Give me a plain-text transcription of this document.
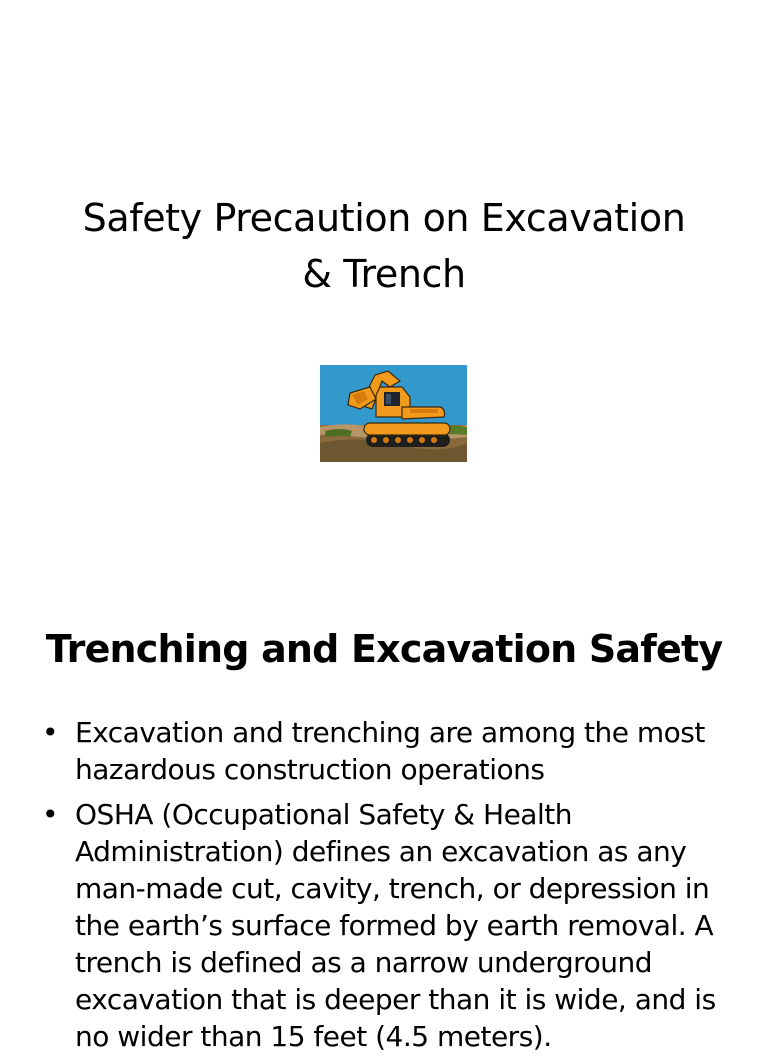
Safety Precaution on Excavation
& Trench
Trenching and Excavation Safety
• Excavation and trenching are among the most hazardous construction operations
• OSHA (Occupational Safety & Health Administration) defines an excavation as any man-made cut, cavity, trench, or depression in the earth’s surface formed by earth removal. A trench is defined as a narrow underground excavation that is deeper than it is wide, and is no wider than 15 feet (4.5 meters).
